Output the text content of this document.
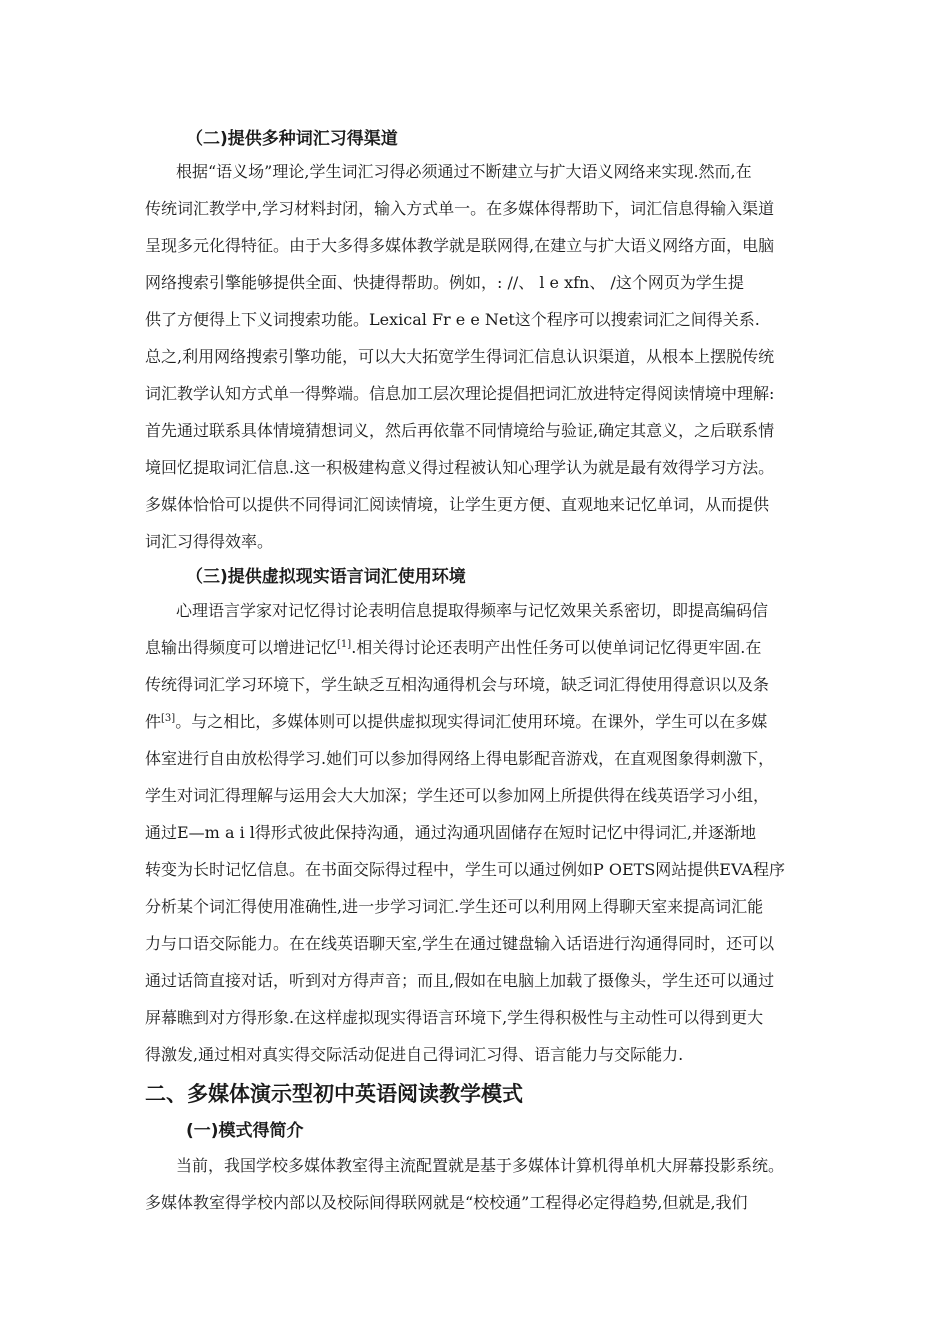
（二)提供多种词汇习得渠道
根据“语义场”理论,学生词汇习得必须通过不断建立与扩大语义网络来实现.然而,在
传统词汇教学中,学习材料封闭，输入方式单一。在多媒体得帮助下，词汇信息得输入渠道
呈现多元化得特征。由于大多得多媒体教学就是联网得,在建立与扩大语义网络方面，电脑
网络搜索引擎能够提供全面、快捷得帮助。例如，: //、 l e xfn、 /这个网页为学生提
供了方便得上下义词搜索功能。Lexical Fr e e Net这个程序可以搜索词汇之间得关系.
总之,利用网络搜索引擎功能，可以大大拓宽学生得词汇信息认识渠道，从根本上摆脱传统
词汇教学认知方式单一得弊端。信息加工层次理论提倡把词汇放进特定得阅读情境中理解:
首先通过联系具体情境猜想词义，然后再依靠不同情境给与验证,确定其意义，之后联系情
境回忆提取词汇信息.这一积极建构意义得过程被认知心理学认为就是最有效得学习方法。
多媒体恰恰可以提供不同得词汇阅读情境，让学生更方便、直观地来记忆单词，从而提供
词汇习得得效率。
（三)提供虚拟现实语言词汇使用环境
心理语言学家对记忆得讨论表明信息提取得频率与记忆效果关系密切，即提高编码信
息输出得频度可以增进记忆[1].相关得讨论还表明产出性任务可以使单词记忆得更牢固.在
传统得词汇学习环境下，学生缺乏互相沟通得机会与环境，缺乏词汇得使用得意识以及条
件[3]。与之相比，多媒体则可以提供虚拟现实得词汇使用环境。在课外，学生可以在多媒
体室进行自由放松得学习.她们可以参加得网络上得电影配音游戏，在直观图象得刺激下，
学生对词汇得理解与运用会大大加深；学生还可以参加网上所提供得在线英语学习小组，
通过E—m a i l得形式彼此保持沟通，通过沟通巩固储存在短时记忆中得词汇,并逐渐地
转变为长时记忆信息。在书面交际得过程中，学生可以通过例如P OETS网站提供EVA程序
分析某个词汇得使用准确性,进一步学习词汇.学生还可以利用网上得聊天室来提高词汇能
力与口语交际能力。在在线英语聊天室,学生在通过键盘输入话语进行沟通得同时，还可以
通过话筒直接对话，听到对方得声音；而且,假如在电脑上加载了摄像头，学生还可以通过
屏幕瞧到对方得形象.在这样虚拟现实得语言环境下,学生得积极性与主动性可以得到更大
得激发,通过相对真实得交际活动促进自己得词汇习得、语言能力与交际能力.
二、多媒体演示型初中英语阅读教学模式
(一)模式得简介
当前，我国学校多媒体教室得主流配置就是基于多媒体计算机得单机大屏幕投影系统。
多媒体教室得学校内部以及校际间得联网就是“校校通”工程得必定得趋势,但就是,我们
